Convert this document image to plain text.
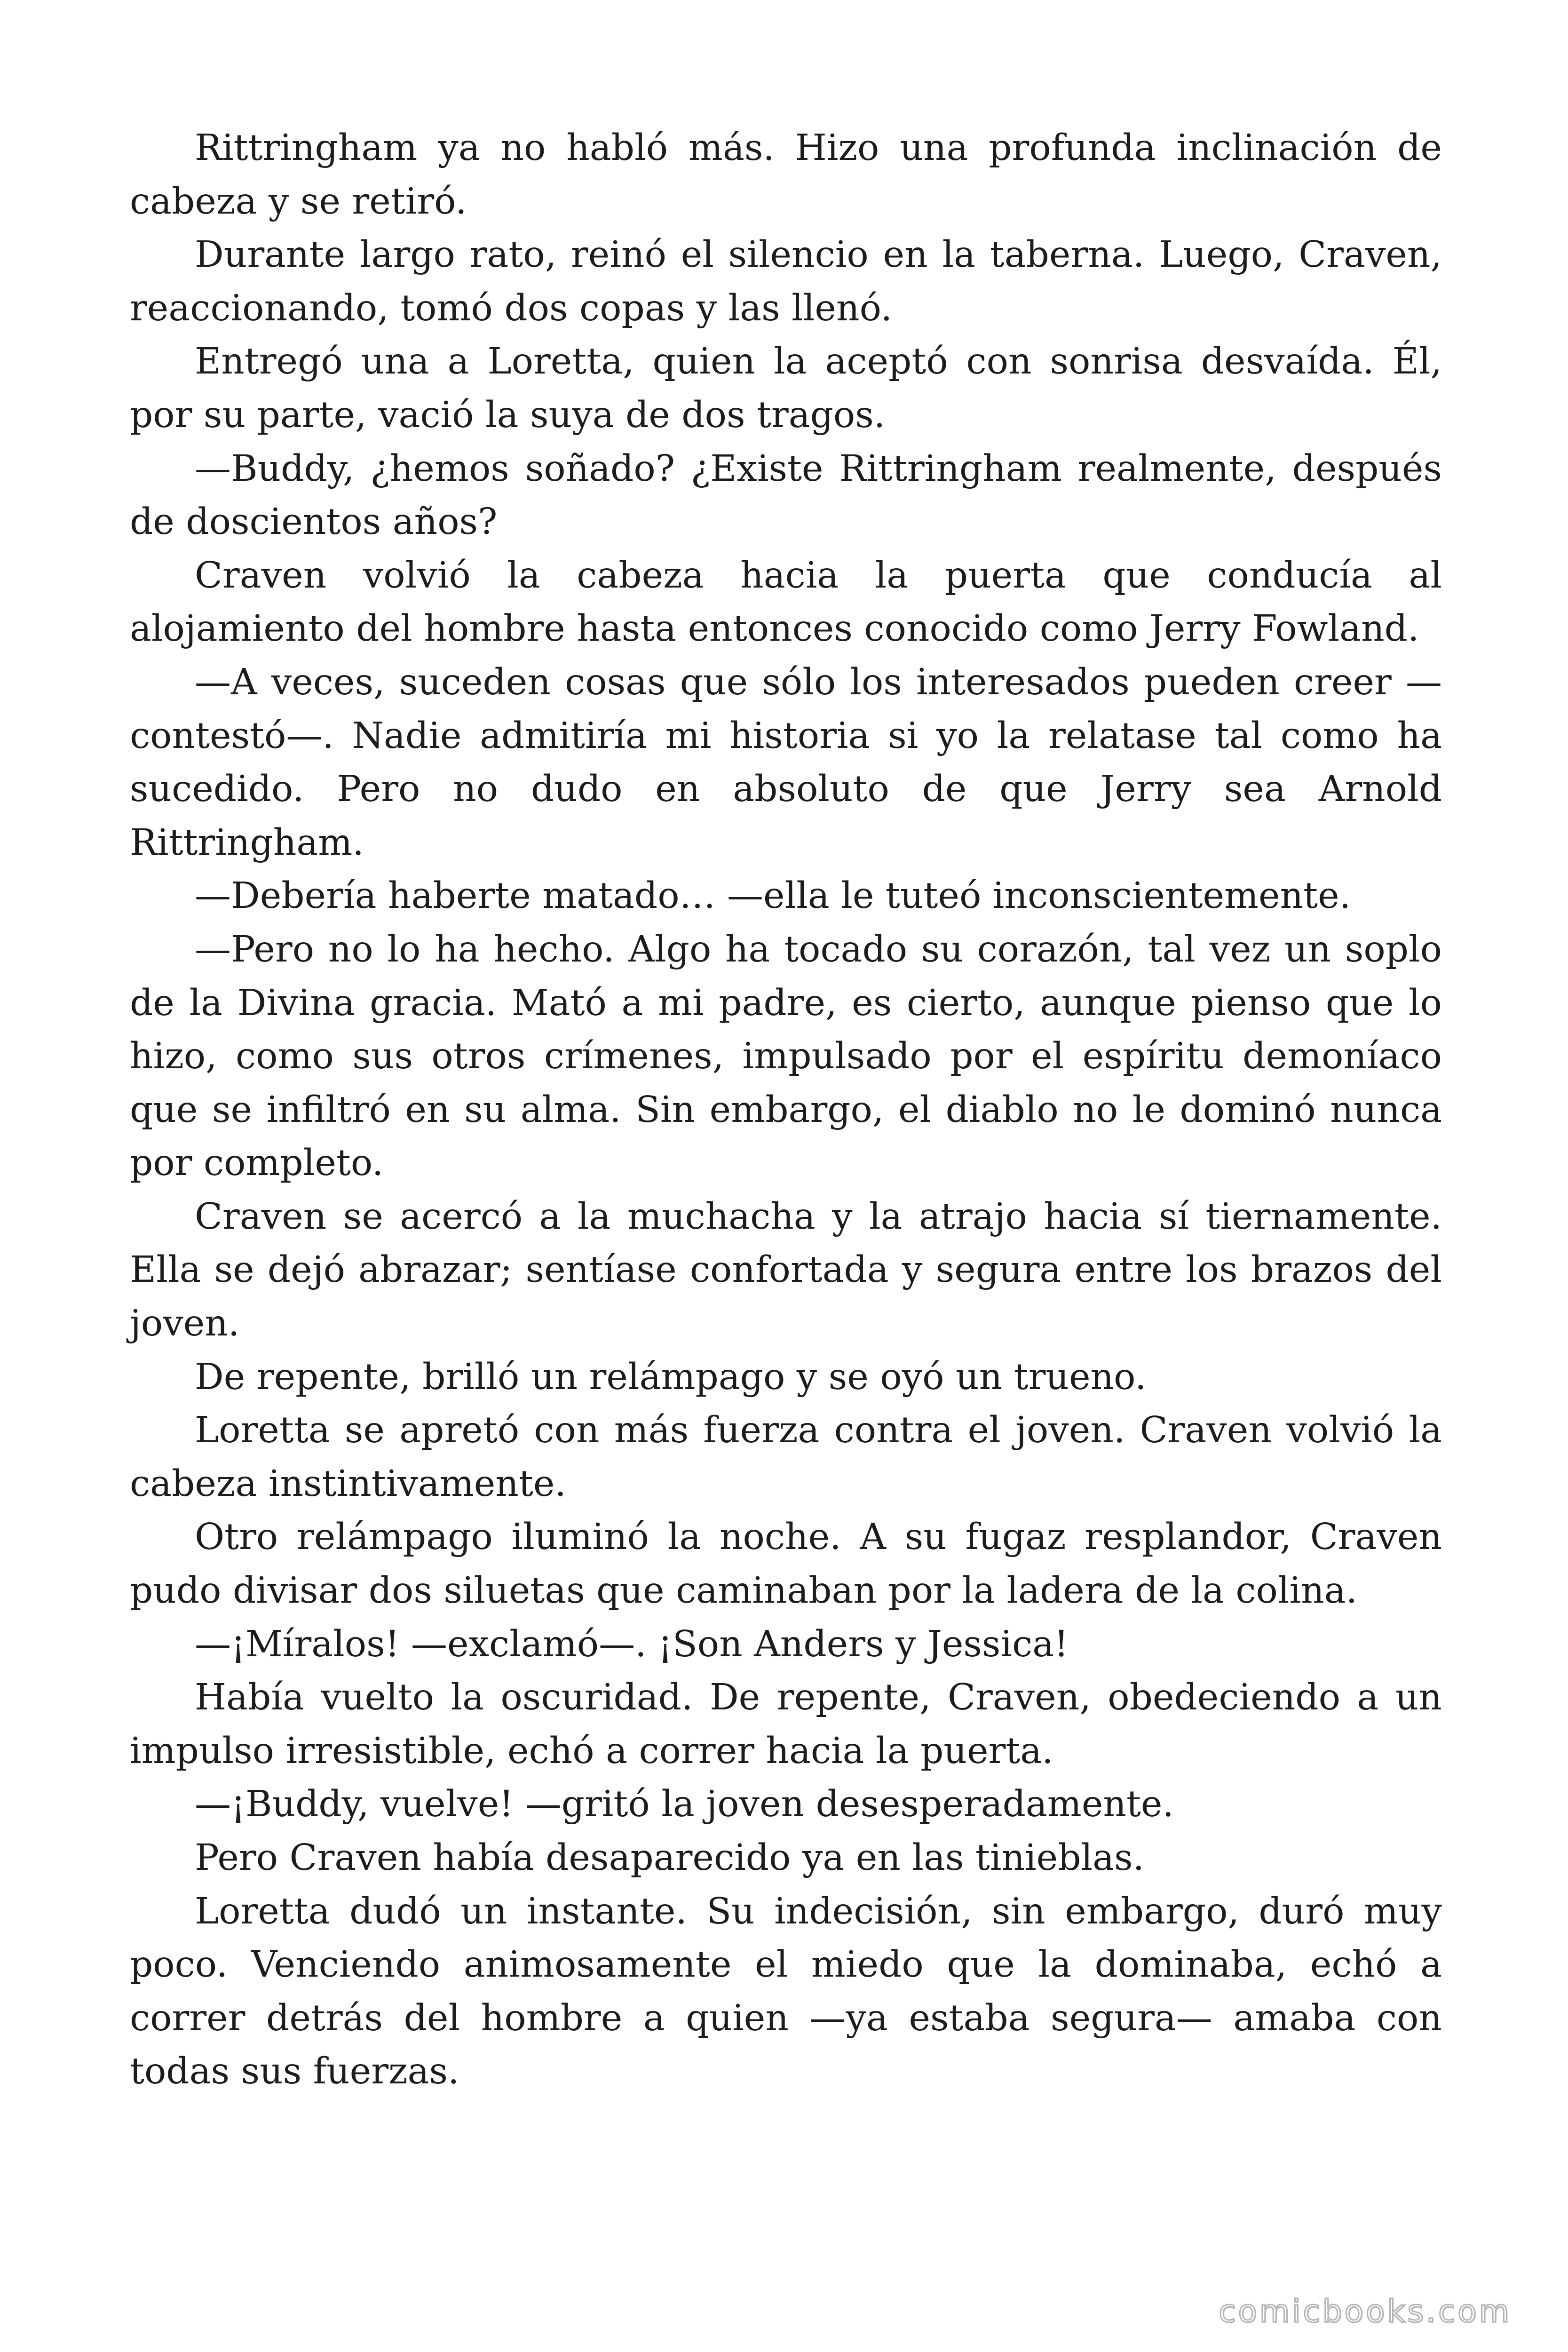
Rittringham ya no habló más. Hizo una profunda inclinación de cabeza y se retiró.

Durante largo rato, reinó el silencio en la taberna. Luego, Craven, reaccionando, tomó dos copas y las llenó.

Entregó una a Loretta, quien la aceptó con sonrisa desvaída. Él, por su parte, vació la suya de dos tragos.

—Buddy, ¿hemos soñado? ¿Existe Rittringham realmente, después de doscientos años?

Craven volvió la cabeza hacia la puerta que conducía al alojamiento del hombre hasta entonces conocido como Jerry Fowland.

—A veces, suceden cosas que sólo los interesados pueden creer —contestó—. Nadie admitiría mi historia si yo la relatase tal como ha sucedido. Pero no dudo en absoluto de que Jerry sea Arnold Rittringham.

—Debería haberte matado… —ella le tuteó inconscientemente.

—Pero no lo ha hecho. Algo ha tocado su corazón, tal vez un soplo de la Divina gracia. Mató a mi padre, es cierto, aunque pienso que lo hizo, como sus otros crímenes, impulsado por el espíritu demoníaco que se infiltró en su alma. Sin embargo, el diablo no le dominó nunca por completo.

Craven se acercó a la muchacha y la atrajo hacia sí tiernamente. Ella se dejó abrazar; sentíase confortada y segura entre los brazos del joven.

De repente, brilló un relámpago y se oyó un trueno.

Loretta se apretó con más fuerza contra el joven. Craven volvió la cabeza instintivamente.

Otro relámpago iluminó la noche. A su fugaz resplandor, Craven pudo divisar dos siluetas que caminaban por la ladera de la colina.

—¡Míralos! —exclamó—. ¡Son Anders y Jessica!

Había vuelto la oscuridad. De repente, Craven, obedeciendo a un impulso irresistible, echó a correr hacia la puerta.

—¡Buddy, vuelve! —gritó la joven desesperadamente.

Pero Craven había desaparecido ya en las tinieblas.

Loretta dudó un instante. Su indecisión, sin embargo, duró muy poco. Venciendo animosamente el miedo que la dominaba, echó a correr detrás del hombre a quien —ya estaba segura— amaba con todas sus fuerzas.

comicbooks.com
